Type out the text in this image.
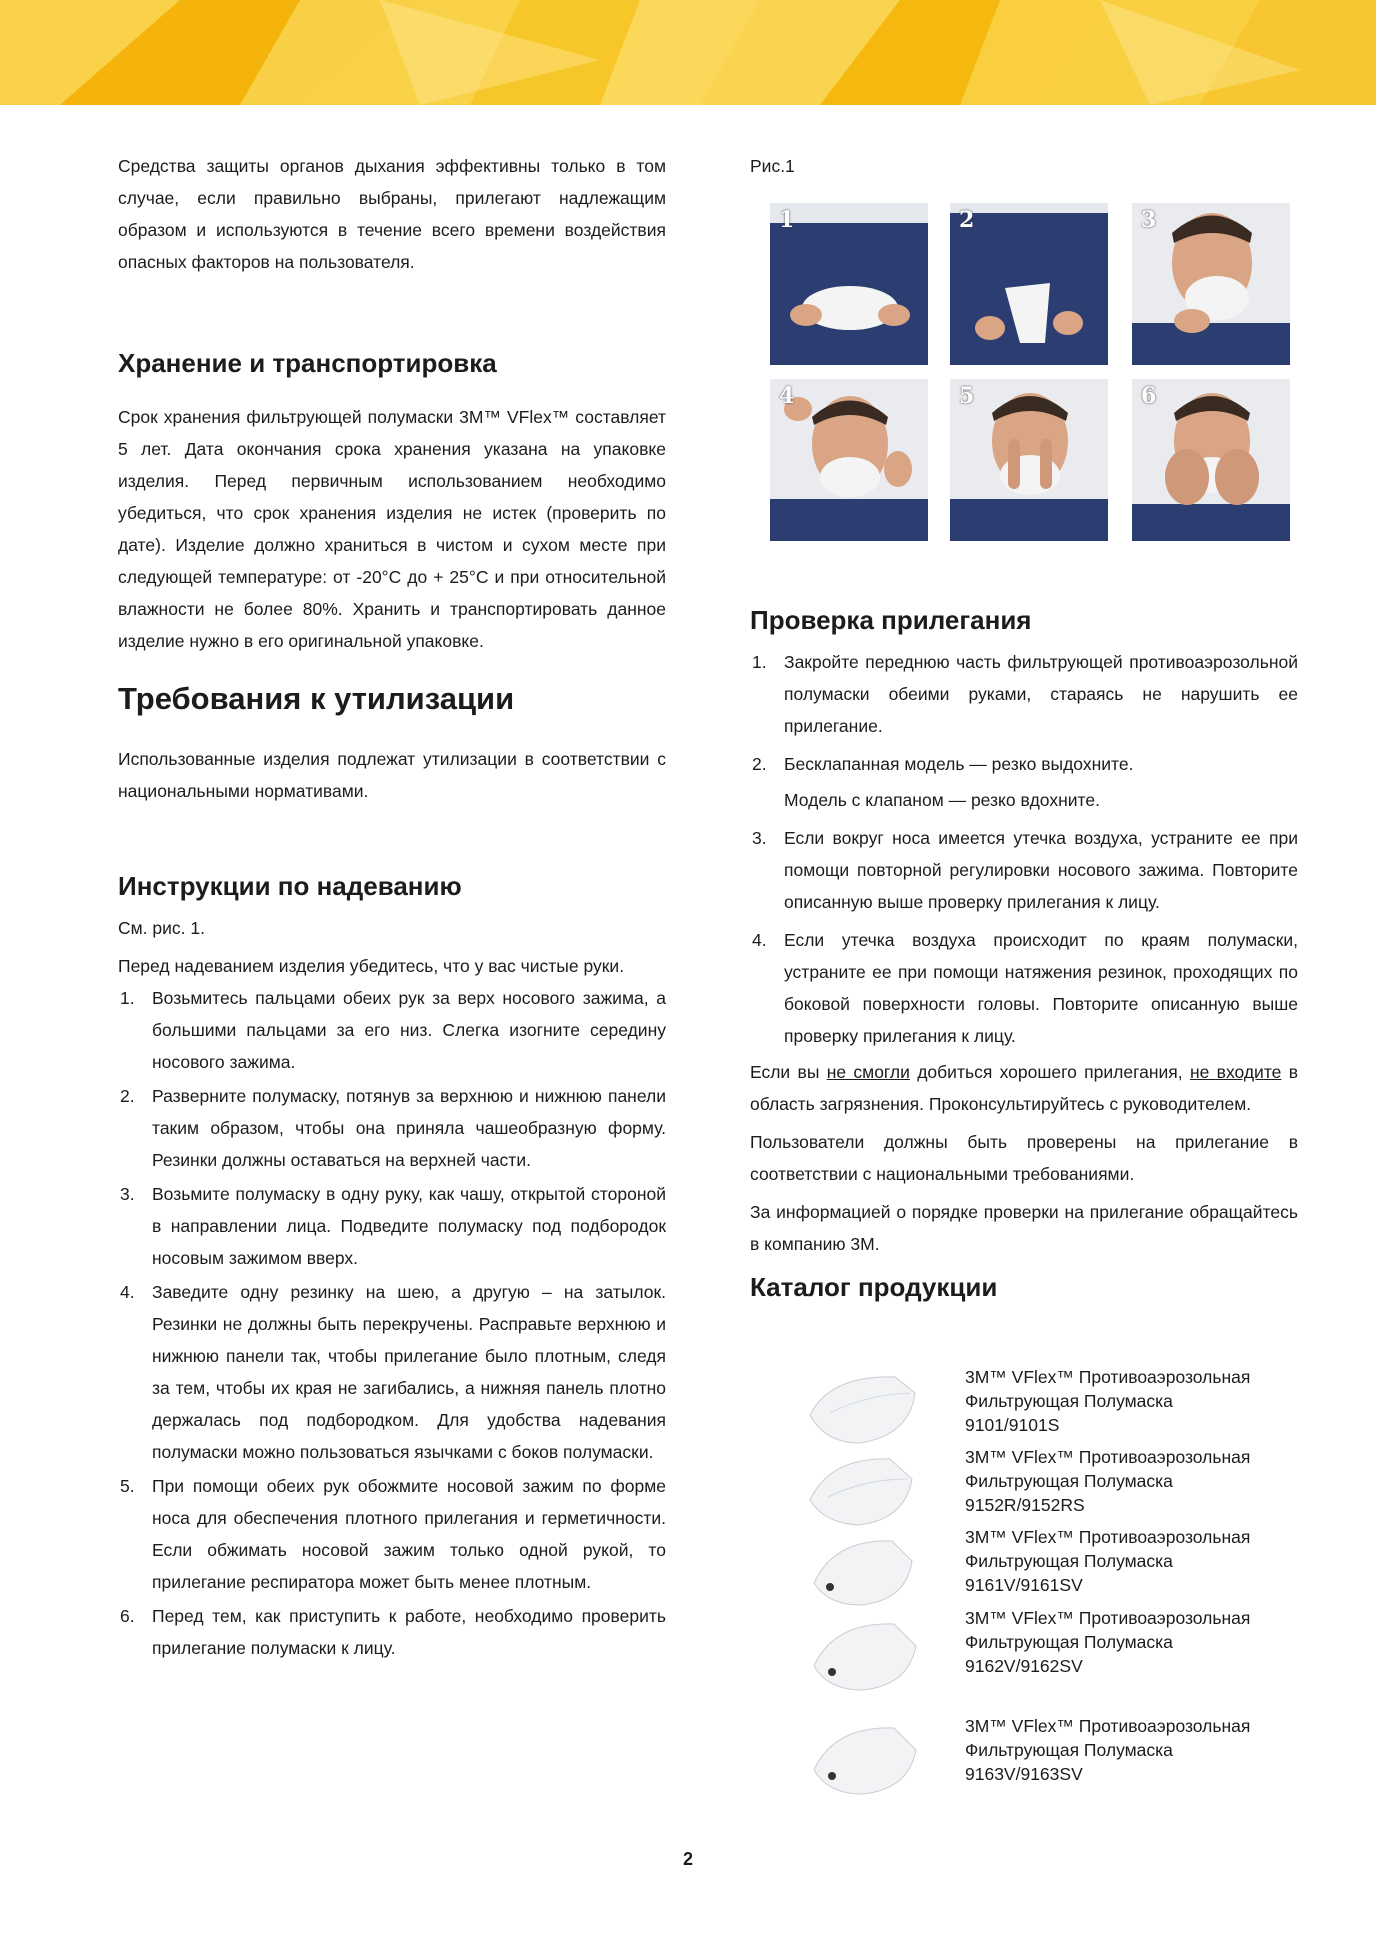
Средства защиты органов дыхания эффективны только в том случае, если правильно выбраны, прилегают надлежащим образом и используются в течение всего времени воздействия опасных факторов на пользователя.

Хранение и транспортировка

Срок хранения фильтрующей полумаски 3M™ VFlex™ составляет 5 лет. Дата окончания срока хранения указана на упаковке изделия. Перед первичным использованием необходимо убедиться, что срок хранения изделия не истек (проверить по дате). Изделие должно храниться в чистом и сухом месте при следующей температуре: от -20°С до + 25°С и при относительной влажности не более 80%. Хранить и транспортировать данное изделие нужно в его оригинальной упаковке.

Требования к утилизации

Использованные изделия подлежат утилизации в соответствии с национальными нормативами.

Инструкции по надеванию

См. рис. 1.

Перед надеванием изделия убедитесь, что у вас чистые руки.

1. Возьмитесь пальцами обеих рук за верх носового зажима, а большими пальцами за его низ. Слегка изогните середину носового зажима.
2. Разверните полумаску, потянув за верхнюю и нижнюю панели таким образом, чтобы она приняла чашеобразную форму. Резинки должны оставаться на верхней части.
3. Возьмите полумаску в одну руку, как чашу, открытой стороной в направлении лица. Подведите полумаску под подбородок носовым зажимом вверх.
4. Заведите одну резинку на шею, а другую – на затылок. Резинки не должны быть перекручены. Расправьте верхнюю и нижнюю панели так, чтобы прилегание было плотным, следя за тем, чтобы их края не загибались, а нижняя панель плотно держалась под подбородком. Для удобства надевания полумаски можно пользоваться язычками с боков полумаски.
5. При помощи обеих рук обожмите носовой зажим по форме носа для обеспечения плотного прилегания и герметичности. Если обжимать носовой зажим только одной рукой, то прилегание респиратора может быть менее плотным.
6. Перед тем, как приступить к работе, необходимо проверить прилегание полумаски к лицу.

Рис.1

1	2	3
4	5	6
Проверка прилегания
1. Закройте переднюю часть фильтрующей противоаэрозольной полумаски обеими руками, стараясь не нарушить ее прилегание.
2. Бесклапанная модель — резко выдохните.
Модель с клапаном — резко вдохните.
3. Если вокруг носа имеется утечка воздуха, устраните ее при помощи повторной регулировки носового зажима. Повторите описанную выше проверку прилегания к лицу.
4. Если утечка воздуха происходит по краям полумаски, устраните ее при помощи натяжения резинок, проходящих по боковой поверхности головы. Повторите описанную выше проверку прилегания к лицу.

Если вы не смогли добиться хорошего прилегания, не входите в область загрязнения. Проконсультируйтесь с руководителем.

Пользователи должны быть проверены на прилегание в соответствии с национальными требованиями.

За информацией о порядке проверки на прилегание обращайтесь в компанию 3М.

Каталог продукции
3M™ VFlex™ Противоаэрозольная
Фильтрующая Полумаска
9101/9101S
3M™ VFlex™ Противоаэрозольная
Фильтрующая Полумаска
9152R/9152RS
3M™ VFlex™ Противоаэрозольная
Фильтрующая Полумаска
9161V/9161SV
3M™ VFlex™ Противоаэрозольная
Фильтрующая Полумаска
9162V/9162SV
3M™ VFlex™ Противоаэрозольная
Фильтрующая Полумаска
9163V/9163SV
2
